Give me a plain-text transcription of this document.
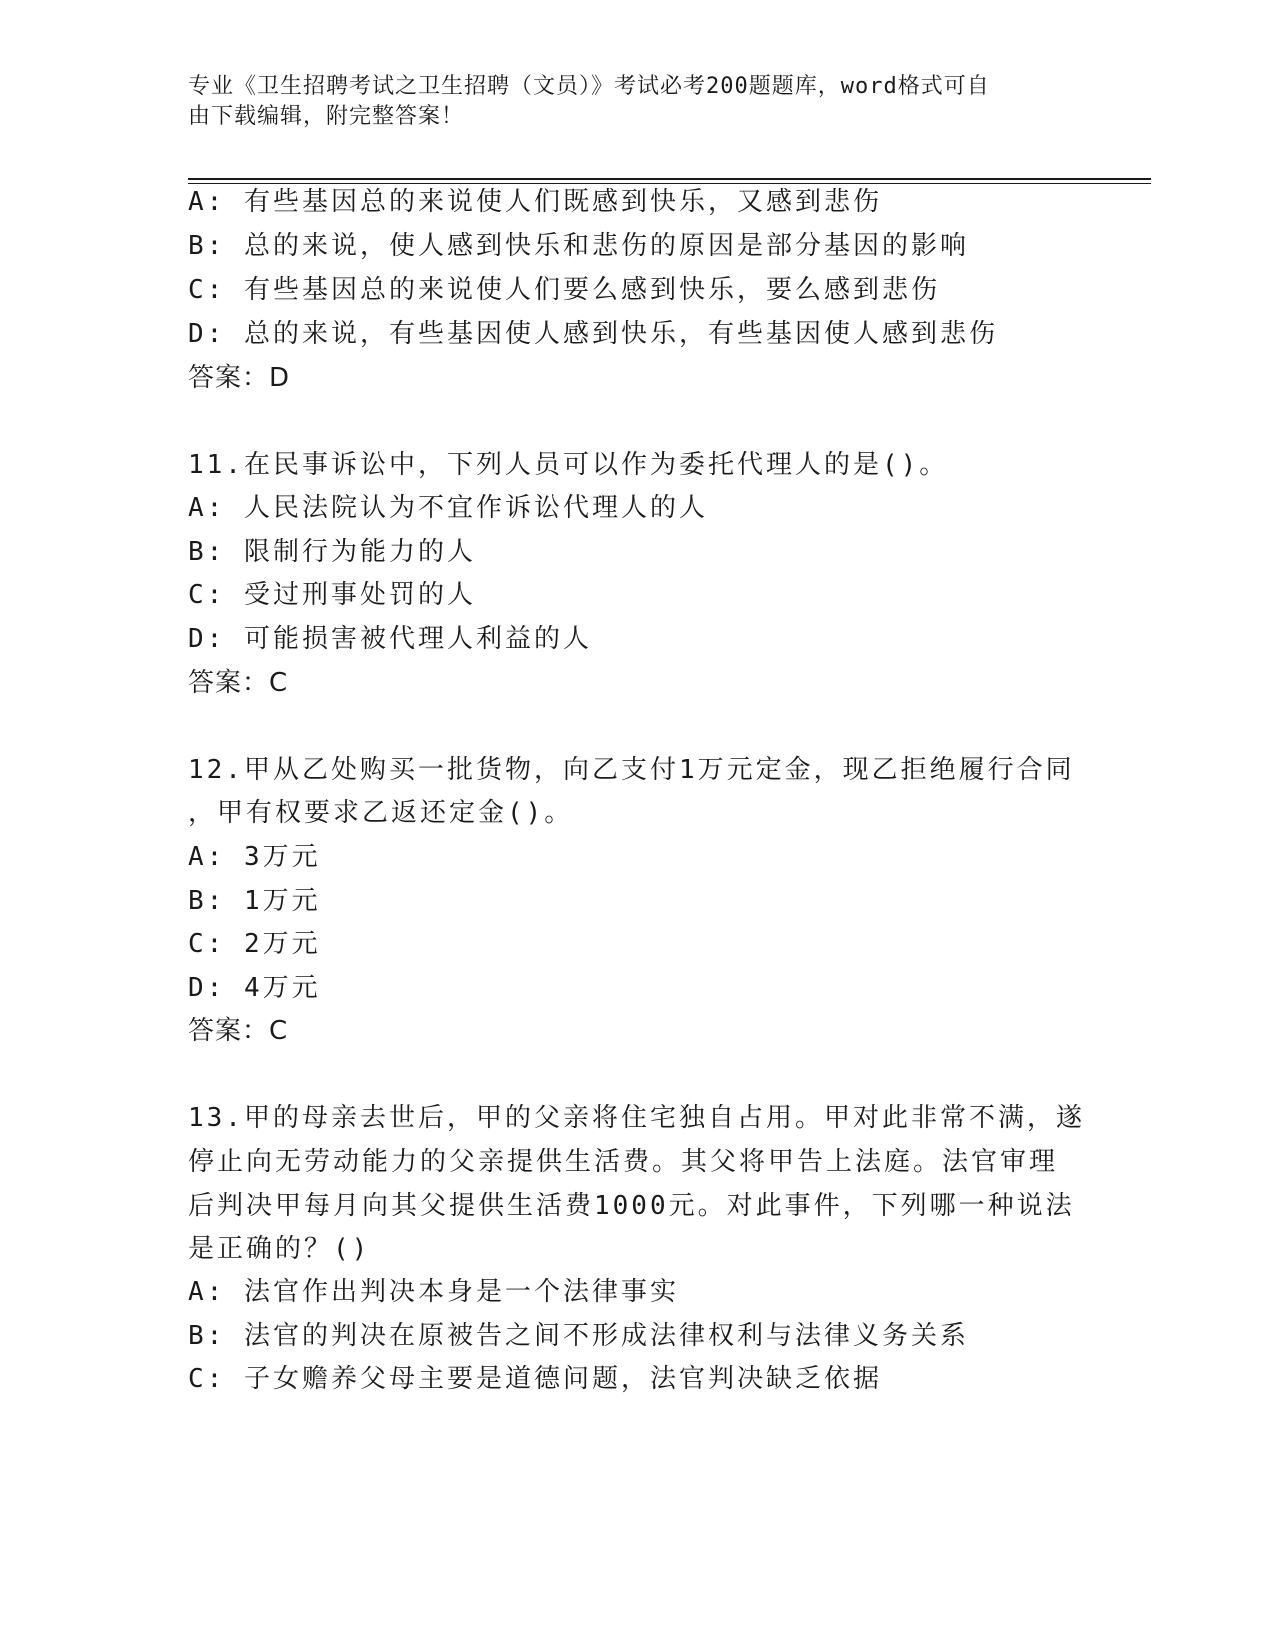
专业《卫生招聘考试之卫生招聘（文员）》考试必考200题题库，word格式可自
由下载编辑，附完整答案！
A: 有些基因总的来说使人们既感到快乐，又感到悲伤
B: 总的来说，使人感到快乐和悲伤的原因是部分基因的影响
C: 有些基因总的来说使人们要么感到快乐，要么感到悲伤
D: 总的来说，有些基因使人感到快乐，有些基因使人感到悲伤
答案：D
11.在民事诉讼中，下列人员可以作为委托代理人的是()。
A: 人民法院认为不宜作诉讼代理人的人
B: 限制行为能力的人
C: 受过刑事处罚的人
D: 可能损害被代理人利益的人
答案：C
12.甲从乙处购买一批货物，向乙支付1万元定金，现乙拒绝履行合同
，甲有权要求乙返还定金()。
A: 3万元
B: 1万元
C: 2万元
D: 4万元
答案：C
13.甲的母亲去世后，甲的父亲将住宅独自占用。甲对此非常不满，遂
停止向无劳动能力的父亲提供生活费。其父将甲告上法庭。法官审理
后判决甲每月向其父提供生活费1000元。对此事件，下列哪一种说法
是正确的？()
A: 法官作出判决本身是一个法律事实
B: 法官的判决在原被告之间不形成法律权利与法律义务关系
C: 子女赡养父母主要是道德问题，法官判决缺乏依据
